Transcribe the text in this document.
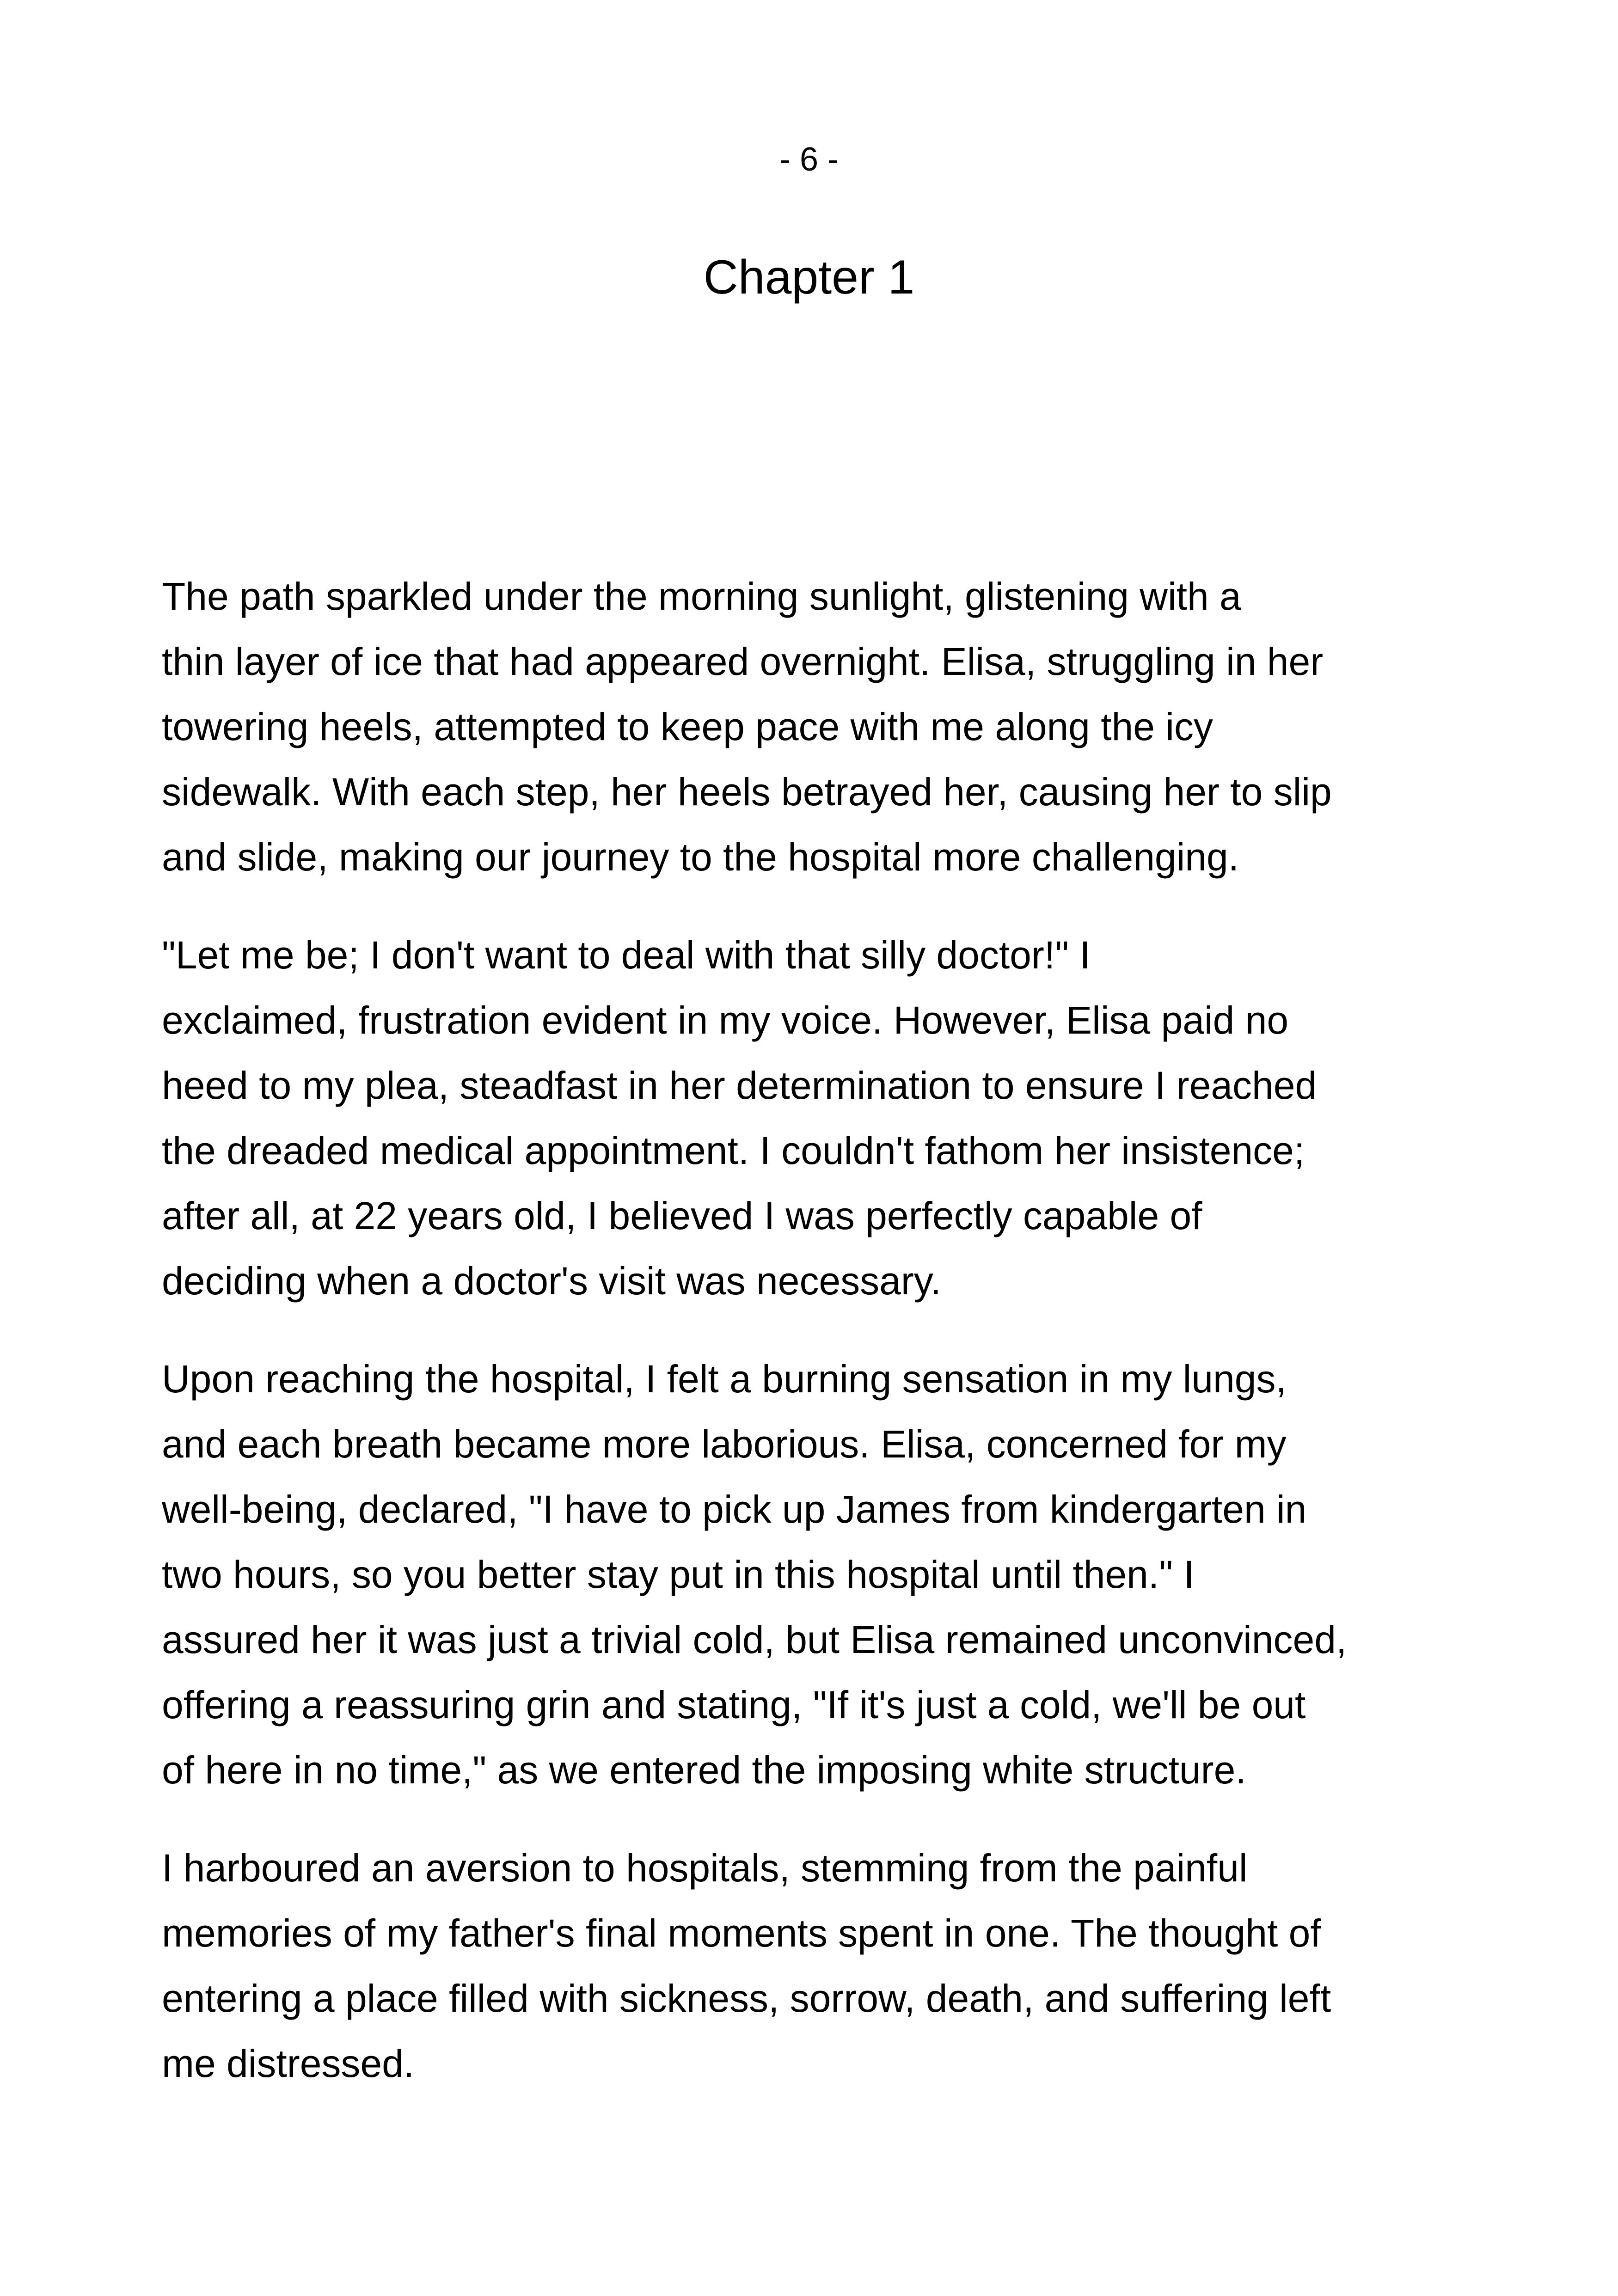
- 6 -
Chapter 1

The path sparkled under the morning sunlight, glistening with a
thin layer of ice that had appeared overnight. Elisa, struggling in her
towering heels, attempted to keep pace with me along the icy
sidewalk. With each step, her heels betrayed her, causing her to slip
and slide, making our journey to the hospital more challenging.

"Let me be; I don't want to deal with that silly doctor!" I
exclaimed, frustration evident in my voice. However, Elisa paid no
heed to my plea, steadfast in her determination to ensure I reached
the dreaded medical appointment. I couldn't fathom her insistence;
after all, at 22 years old, I believed I was perfectly capable of
deciding when a doctor's visit was necessary.

Upon reaching the hospital, I felt a burning sensation in my lungs,
and each breath became more laborious. Elisa, concerned for my
well-being, declared, "I have to pick up James from kindergarten in
two hours, so you better stay put in this hospital until then." I
assured her it was just a trivial cold, but Elisa remained unconvinced,
offering a reassuring grin and stating, "If it's just a cold, we'll be out
of here in no time," as we entered the imposing white structure.

I harboured an aversion to hospitals, stemming from the painful
memories of my father's final moments spent in one. The thought of
entering a place filled with sickness, sorrow, death, and suffering left
me distressed.
